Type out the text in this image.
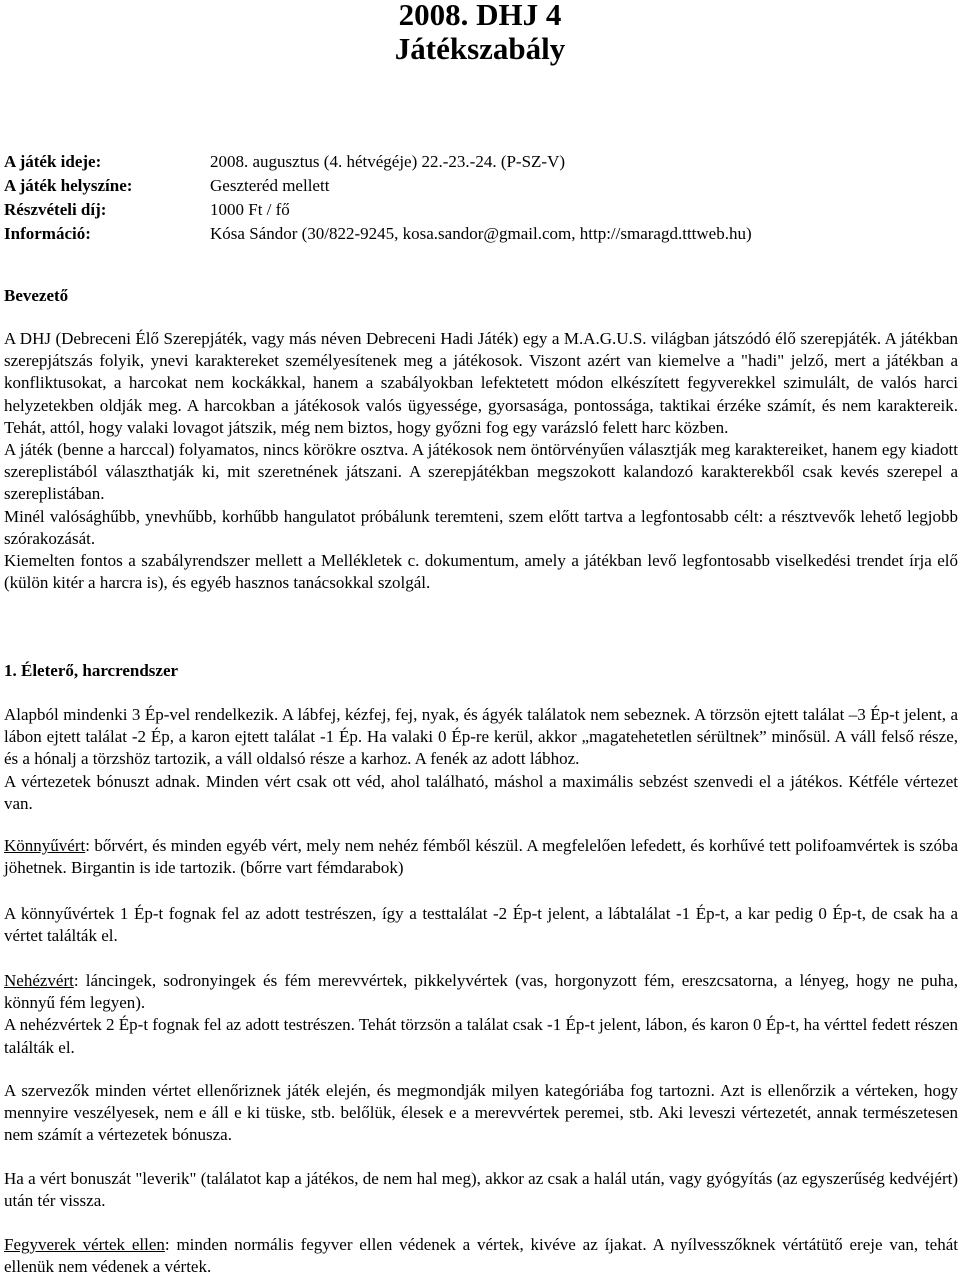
2008. DHJ 4
Játékszabály
A játék ideje:	2008. augusztus (4. hétvégéje) 22.-23.-24. (P-SZ-V)
A játék helyszíne:	Geszteréd mellett
Részvételi díj:	1000 Ft / fő
Információ:	Kósa Sándor (30/822-9245, kosa.sandor@gmail.com, http://smaragd.tttweb.hu)
Bevezető

A DHJ (Debreceni Élő Szerepjáték, vagy más néven Debreceni Hadi Játék) egy a M.A.G.U.S. világban játszódó élő szerepjáték. A játékban szerepjátszás folyik, ynevi karaktereket személyesítenek meg a játékosok. Viszont azért van kiemelve a "hadi" jelző, mert a játékban a konfliktusokat, a harcokat nem kockákkal, hanem a szabályokban lefektetett módon elkészített fegyverekkel szimulált, de valós harci helyzetekben oldják meg. A harcokban a játékosok valós ügyessége, gyorsasága, pontossága, taktikai érzéke számít, és nem karaktereik. Tehát, attól, hogy valaki lovagot játszik, még nem biztos, hogy győzni fog egy varázsló felett harc közben.

A játék (benne a harccal) folyamatos, nincs körökre osztva. A játékosok nem öntörvényűen választják meg karaktereiket, hanem egy kiadott szereplistából választhatják ki, mit szeretnének játszani. A szerepjátékban megszokott kalandozó karakterekből csak kevés szerepel a szereplistában.

Minél valósághűbb, ynevhűbb, korhűbb hangulatot próbálunk teremteni, szem előtt tartva a legfontosabb célt: a résztvevők lehető legjobb szórakozását.

Kiemelten fontos a szabályrendszer mellett a Mellékletek c. dokumentum, amely a játékban levő legfontosabb viselkedési trendet írja elő (külön kitér a harcra is), és egyéb hasznos tanácsokkal szolgál.

1. Életerő, harcrendszer

Alapból mindenki 3 Ép-vel rendelkezik. A lábfej, kézfej, fej, nyak, és ágyék találatok nem sebeznek. A törzsön ejtett találat –3 Ép-t jelent, a lábon ejtett találat -2 Ép, a karon ejtett találat -1 Ép. Ha valaki 0 Ép-re kerül, akkor „magatehetetlen sérültnek” minősül. A váll felső része, és a hónalj a törzshöz tartozik, a váll oldalsó része a karhoz. A fenék az adott lábhoz.

A vértezetek bónuszt adnak. Minden vért csak ott véd, ahol található, máshol a maximális sebzést szenvedi el a játékos. Kétféle vértezet van.

Könnyűvért: bőrvért, és minden egyéb vért, mely nem nehéz fémből készül. A megfelelően lefedett, és korhűvé tett polifoamvértek is szóba jöhetnek. Birgantin is ide tartozik. (bőrre vart fémdarabok)

A könnyűvértek 1 Ép-t fognak fel az adott testrészen, így a testtalálat -2 Ép-t jelent, a lábtalálat -1 Ép-t, a kar pedig 0 Ép-t, de csak ha a vértet találták el.

Nehézvért: láncingek, sodronyingek és fém merevvértek, pikkelyvértek (vas, horgonyzott fém, ereszcsatorna, a lényeg, hogy ne puha, könnyű fém legyen).

A nehézvértek 2 Ép-t fognak fel az adott testrészen. Tehát törzsön a találat csak -1 Ép-t jelent, lábon, és karon 0 Ép-t, ha vérttel fedett részen találták el.

A szervezők minden vértet ellenőriznek játék elején, és megmondják milyen kategóriába fog tartozni. Azt is ellenőrzik a vérteken, hogy mennyire veszélyesek, nem e áll e ki tüske, stb. belőlük, élesek e a merevvértek peremei, stb. Aki leveszi vértezetét, annak természetesen nem számít a vértezetek bónusza.

Ha a vért bonuszát "leverik" (találatot kap a játékos, de nem hal meg), akkor az csak a halál után, vagy gyógyítás (az egyszerűség kedvéjért) után tér vissza.

Fegyverek vértek ellen: minden normális fegyver ellen védenek a vértek, kivéve az íjakat. A nyílvesszőknek vértátütő ereje van, tehát ellenük nem védenek a vértek.
